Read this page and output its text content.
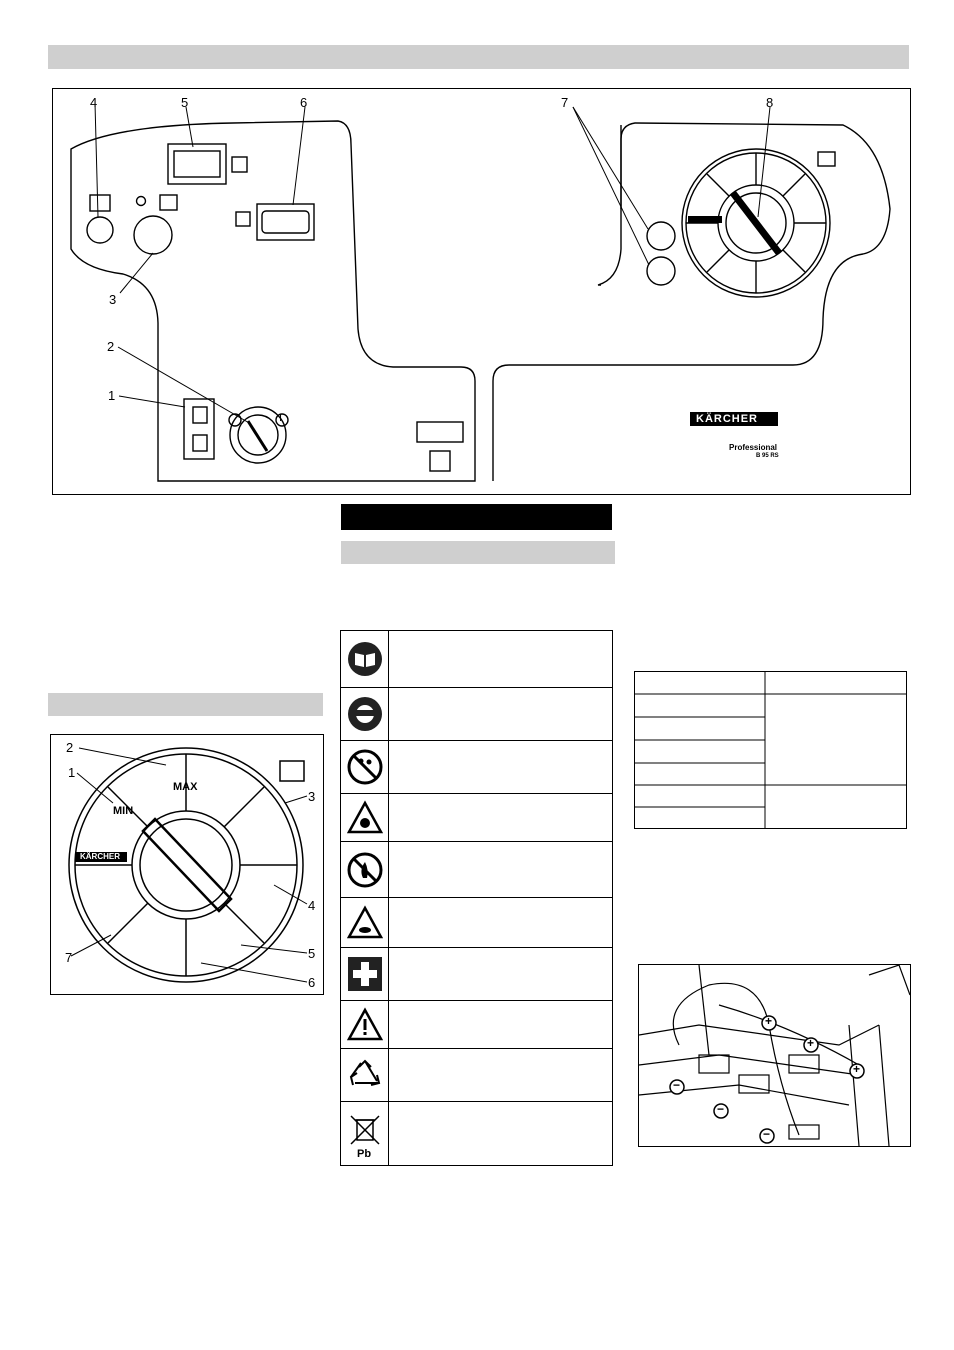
4	5	6	7	8
3
2
1
I	KÄRCHER
Professional
B 95 RS
2
1
3
4
5
6
7
MIN
MAX
KÄRCHER
Pb
+
+
+
−
−
−
